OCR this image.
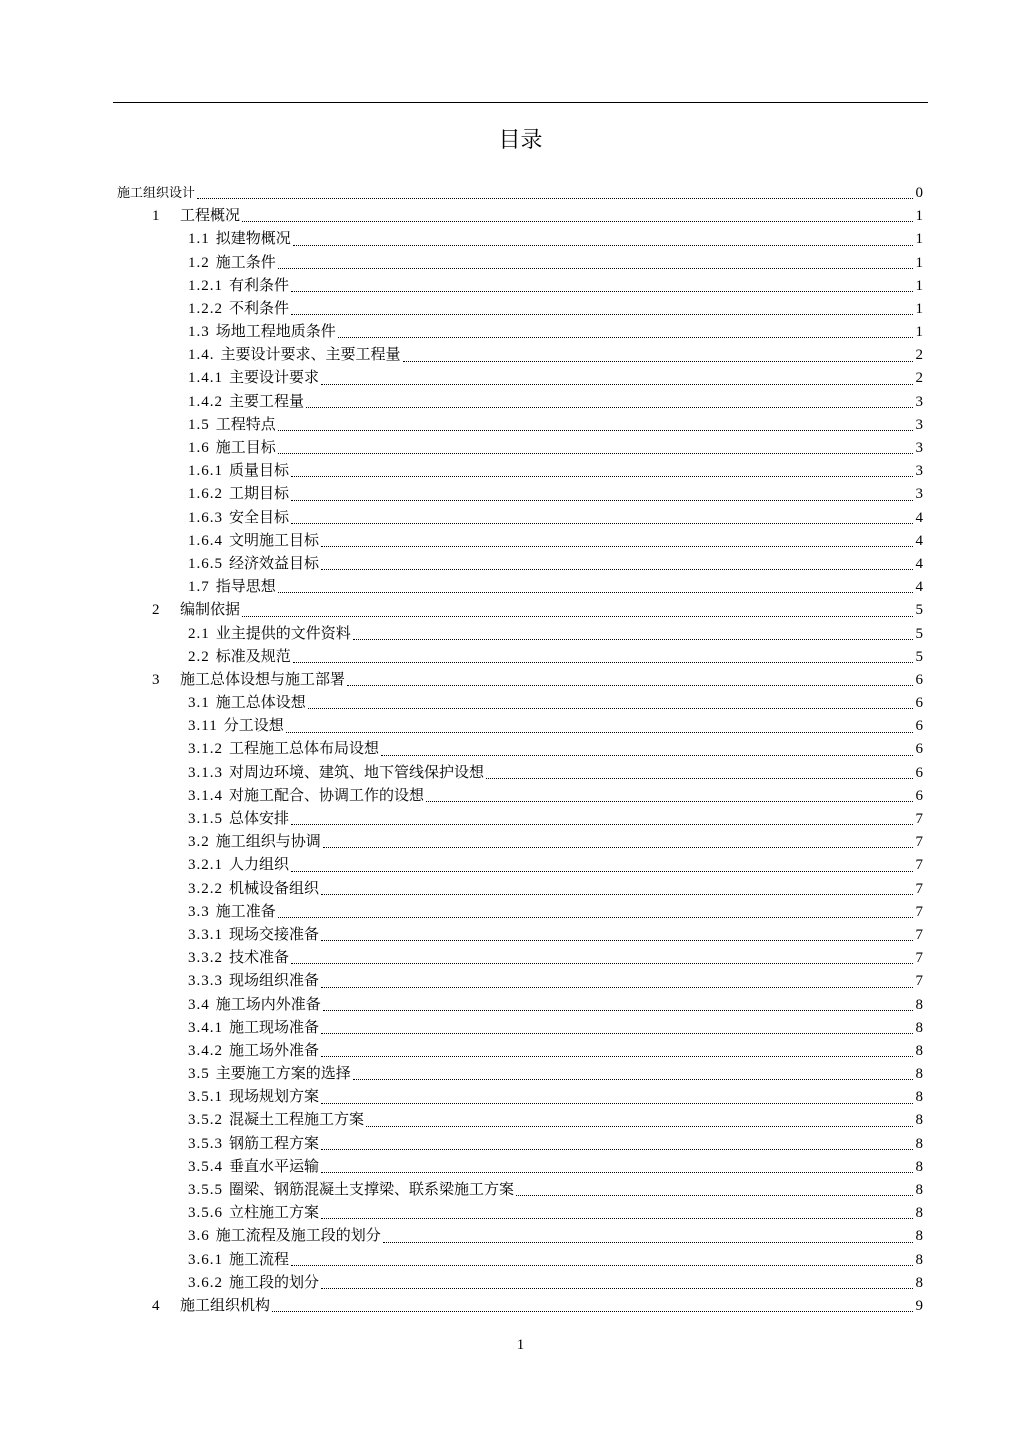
目录
施工组织设计	0
1	工程概况	1
1.1 拟建物概况	1
1.2 施工条件	1
1.2.1 有利条件	1
1.2.2 不利条件	1
1.3 场地工程地质条件	1
1.4. 主要设计要求、主要工程量	2
1.4.1 主要设计要求	2
1.4.2 主要工程量	3
1.5 工程特点	3
1.6 施工目标	3
1.6.1 质量目标	3
1.6.2 工期目标	3
1.6.3 安全目标	4
1.6.4 文明施工目标	4
1.6.5 经济效益目标	4
1.7 指导思想	4
2	编制依据	5
2.1 业主提供的文件资料	5
2.2 标准及规范	5
3	施工总体设想与施工部署	6
3.1 施工总体设想	6
3.11 分工设想	6
3.1.2 工程施工总体布局设想	6
3.1.3 对周边环境、建筑、地下管线保护设想	6
3.1.4 对施工配合、协调工作的设想	6
3.1.5 总体安排	7
3.2 施工组织与协调	7
3.2.1 人力组织	7
3.2.2 机械设备组织	7
3.3 施工准备	7
3.3.1 现场交接准备	7
3.3.2 技术准备	7
3.3.3 现场组织准备	7
3.4 施工场内外准备	8
3.4.1 施工现场准备	8
3.4.2 施工场外准备	8
3.5 主要施工方案的选择	8
3.5.1 现场规划方案	8
3.5.2 混凝土工程施工方案	8
3.5.3 钢筋工程方案	8
3.5.4 垂直水平运输	8
3.5.5 圈梁、钢筋混凝土支撑梁、联系梁施工方案	8
3.5.6 立柱施工方案	8
3.6 施工流程及施工段的划分	8
3.6.1 施工流程	8
3.6.2 施工段的划分	8
4	施工组织机构	9
1
